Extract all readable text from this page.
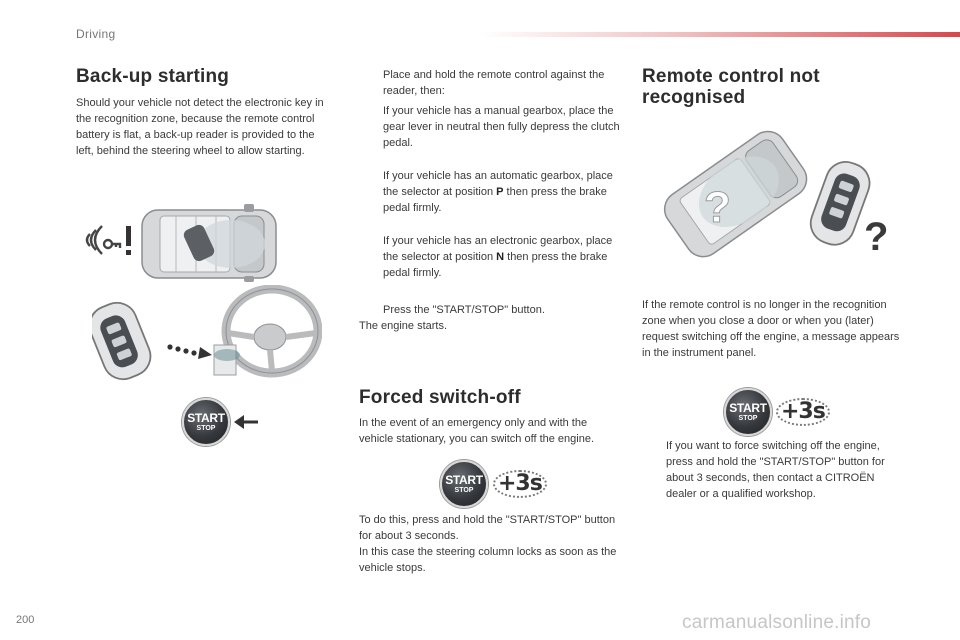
Driving
Back-up starting

Should your vehicle not detect the electronic key in the recognition zone, because the remote control battery is flat, a back-up reader is provided to the left, behind the steering wheel to allow starting.

START
STOP
Place and hold the remote control against the reader, then:
If your vehicle has a manual gearbox, place the gear lever in neutral then fully depress the clutch pedal.
If your vehicle has an automatic gearbox, place the selector at position P then press the brake pedal firmly.
If your vehicle has an electronic gearbox, place the selector at position N then press the brake pedal firmly.
Press the "START/STOP" button.

The engine starts.

Forced switch-off

In the event of an emergency only and with the vehicle stationary, you can switch off the engine.

START
STOP +3s

To do this, press and hold the "START/STOP" button for about 3 seconds.

In this case the steering column locks as soon as the vehicle stops.

Remote control not
recognised
?
?

If the remote control is no longer in the recognition zone when you close a door or when you (later) request switching off the engine, a message appears in the instrument panel.

START
STOP +3s
If you want to force switching off the engine, press and hold the "START/STOP" button for about 3 seconds, then contact a CITROËN dealer or a qualified workshop.
200	carmanualsonline.info
